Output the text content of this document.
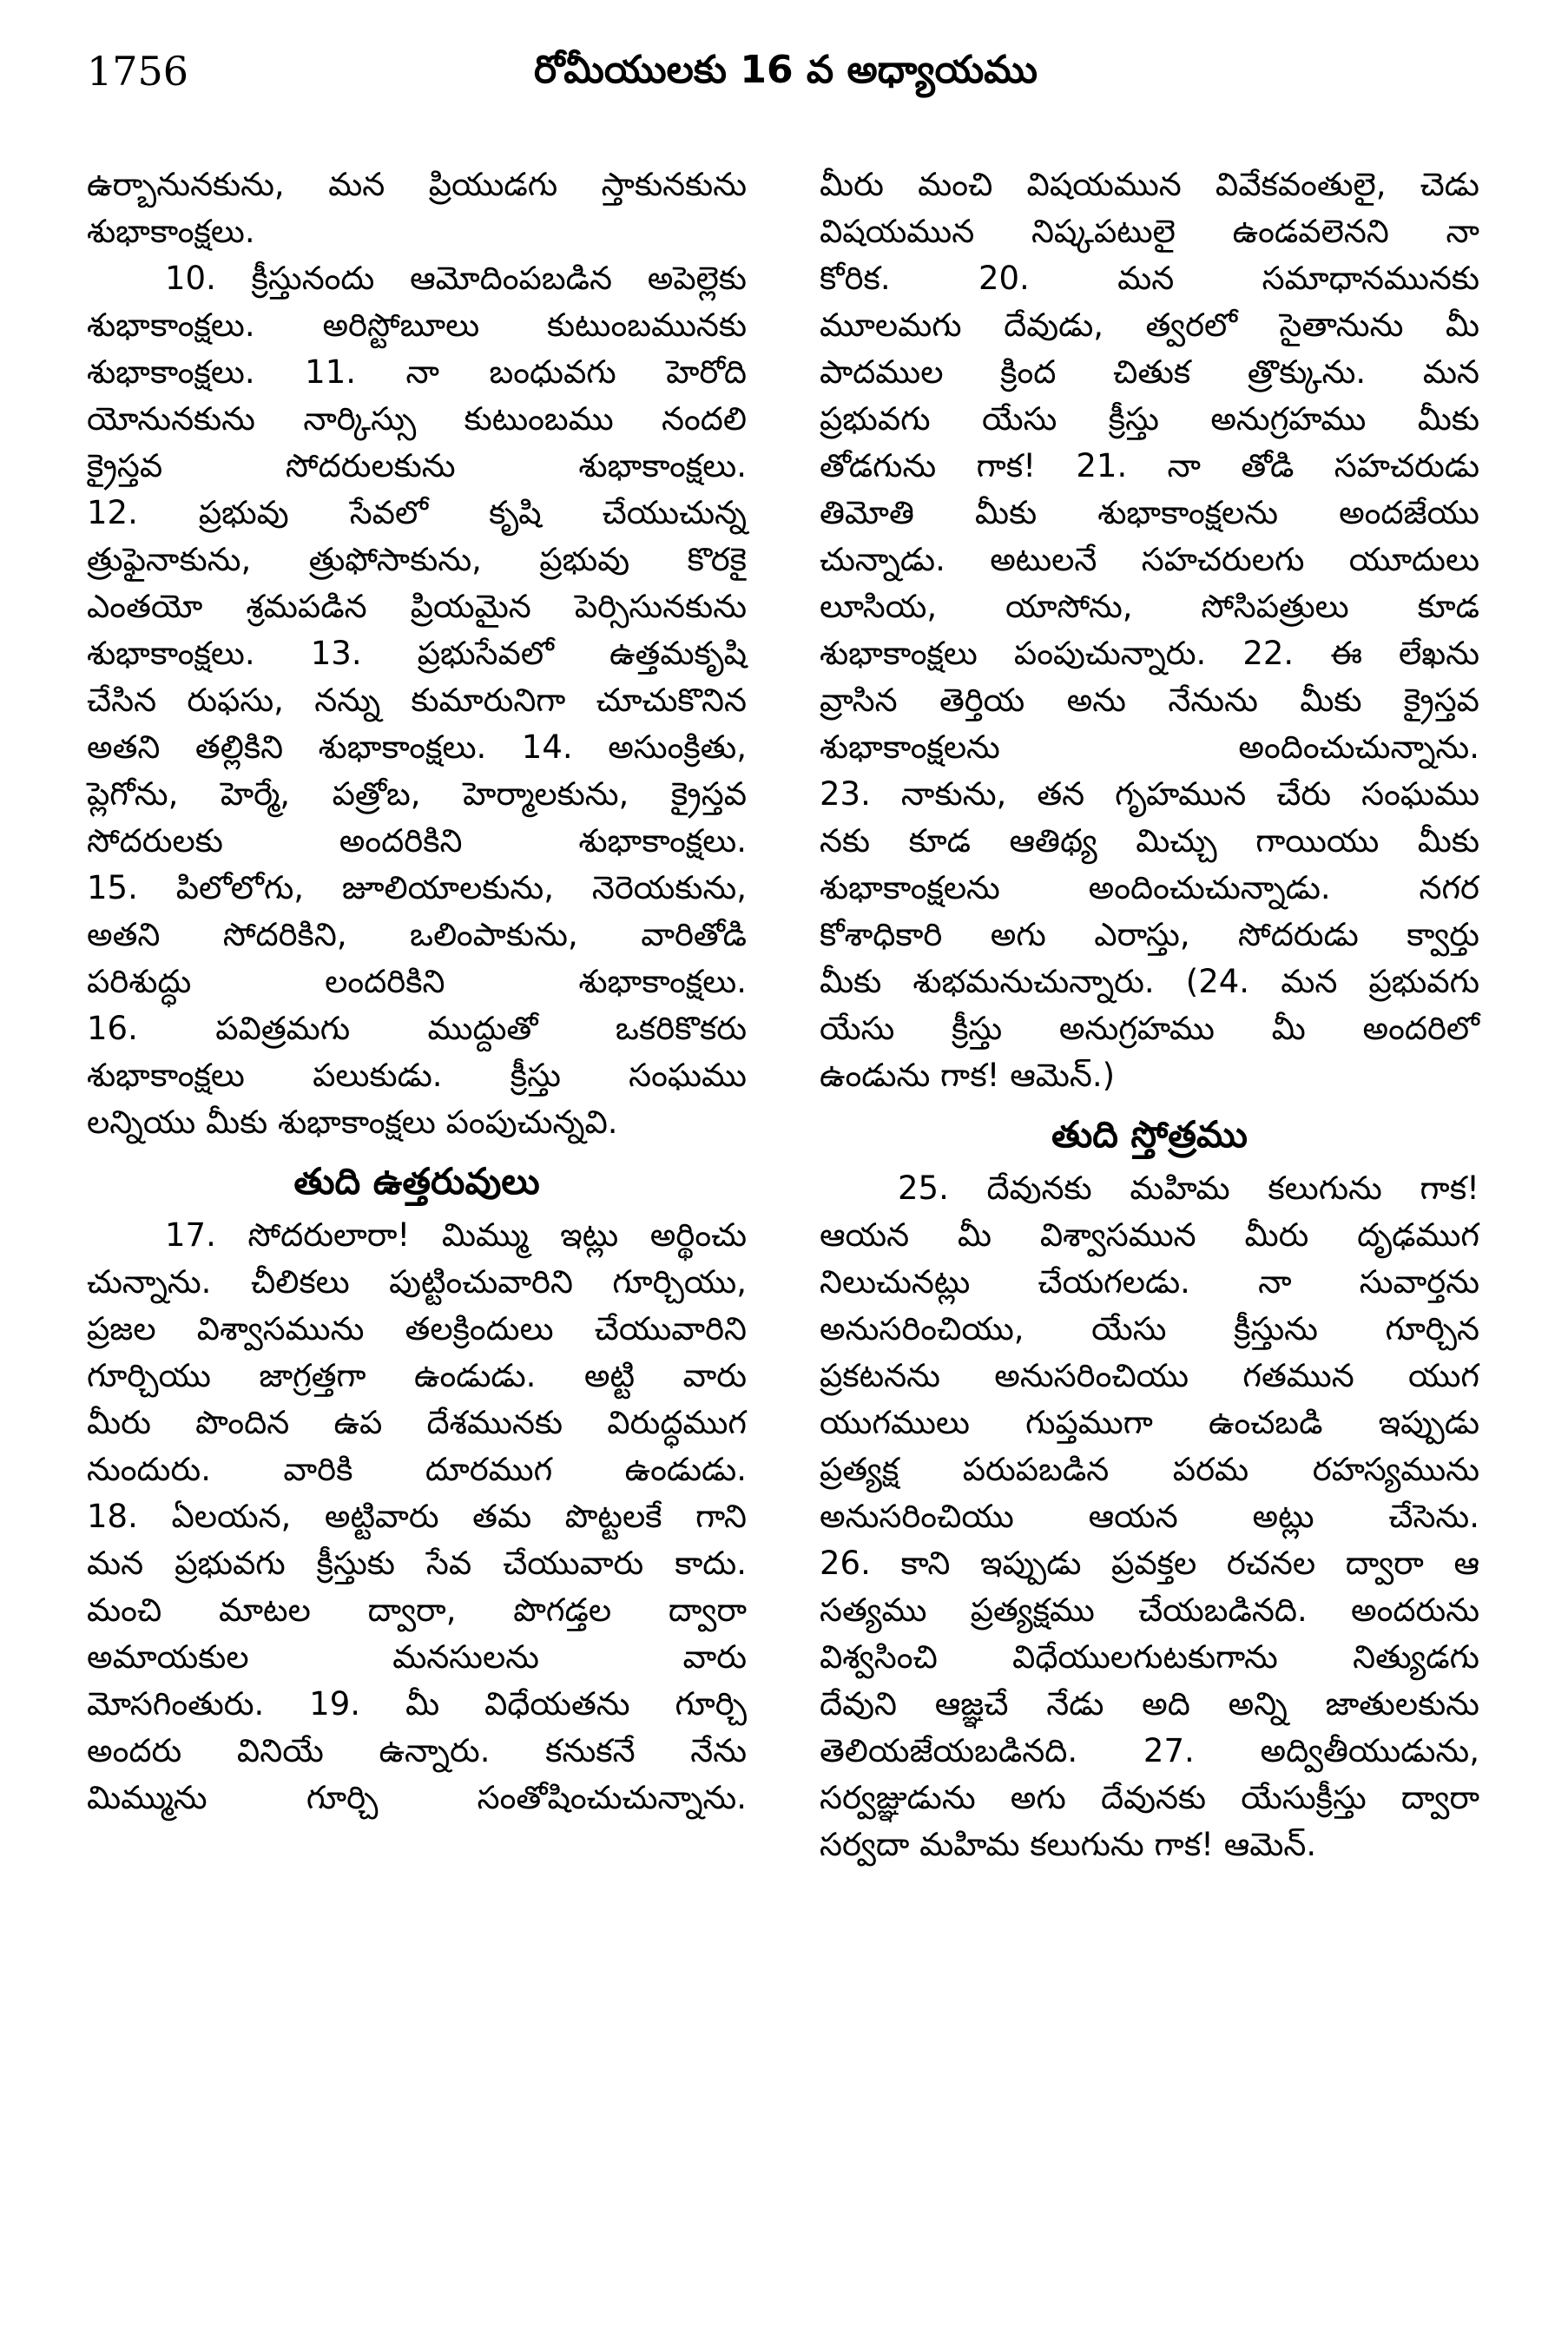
1756	రోమీయులకు 16 వ అధ్యాయము
ఉర్బానునకును, మన ప్రియుడగు స్తాకునకును
శుభాకాంక్షలు.
10. క్రీస్తునందు ఆమోదింపబడిన అపెల్లెకు
శుభాకాంక్షలు. అరిస్టోబూలు కుటుంబమునకు
శుభాకాంక్షలు. 11. నా బంధువగు హెరోది
యోనునకును నార్కిస్సు కుటుంబము నందలి
క్రైస్తవ సోదరులకును శుభాకాంక్షలు.
12. ప్రభువు సేవలో కృషి చేయుచున్న
త్రుఫైనాకును, త్రుఫోసాకును, ప్రభువు కొరకై
ఎంతయో శ్రమపడిన ప్రియమైన పెర్సిసునకును
శుభాకాంక్షలు. 13. ప్రభుసేవలో ఉత్తమకృషి
చేసిన రుఫసు, నన్ను కుమారునిగా చూచుకొనిన
అతని తల్లికిని శుభాకాంక్షలు. 14. అసుంక్రితు,
ప్లెగోను, హెర్మే, పత్రోబ, హెర్మాలకును, క్రైస్తవ
సోదరులకు అందరికిని శుభాకాంక్షలు.
15. పిలోలోగు, జూలియాలకును, నెరెయకును,
అతని సోదరికిని, ఒలింపాకును, వారితోడి
పరిశుద్ధు లందరికిని శుభాకాంక్షలు.
16. పవిత్రమగు ముద్దుతో ఒకరికొకరు
శుభాకాంక్షలు పలుకుడు. క్రీస్తు సంఘము
లన్నియు మీకు శుభాకాంక్షలు పంపుచున్నవి.
తుది ఉత్తరువులు
17. సోదరులారా! మిమ్ము ఇట్లు అర్థించు
చున్నాను. చీలికలు పుట్టించువారిని గూర్చియు,
ప్రజల విశ్వాసమును తలక్రిందులు చేయువారిని
గూర్చియు జాగ్రత్తగా ఉండుడు. అట్టి వారు
మీరు పొందిన ఉప దేశమునకు విరుద్ధముగ
నుందురు. వారికి దూరముగ ఉండుడు.
18. ఏలయన, అట్టివారు తమ పొట్టలకే గాని
మన ప్రభువగు క్రీస్తుకు సేవ చేయువారు కాదు.
మంచి మాటల ద్వారా, పొగడ్తల ద్వారా
అమాయకుల మనసులను వారు
మోసగింతురు. 19. మీ విధేయతను గూర్చి
అందరు వినియే ఉన్నారు. కనుకనే నేను
మిమ్మును గూర్చి సంతోషించుచున్నాను.
మీరు మంచి విషయమున వివేకవంతులై, చెడు
విషయమున నిష్కపటులై ఉండవలెనని నా
కోరిక. 20. మన సమాధానమునకు
మూలమగు దేవుడు, త్వరలో సైతానును మీ
పాదముల క్రింద చితుక త్రొక్కును. మన
ప్రభువగు యేసు క్రీస్తు అనుగ్రహము మీకు
తోడగును గాక! 21. నా తోడి సహచరుడు
తిమోతి మీకు శుభాకాంక్షలను అందజేయు
చున్నాడు. అటులనే సహచరులగు యూదులు
లూసియ, యాసోను, సోసిపత్రులు కూడ
శుభాకాంక్షలు పంపుచున్నారు. 22. ఈ లేఖను
వ్రాసిన తెర్తియ అను నేనును మీకు క్రైస్తవ
శుభాకాంక్షలను అందించుచున్నాను.
23. నాకును, తన గృహమున చేరు సంఘము
నకు కూడ ఆతిథ్య మిచ్చు గాయియు మీకు
శుభాకాంక్షలను అందించుచున్నాడు. నగర
కోశాధికారి అగు ఎరాస్తు, సోదరుడు క్వార్తు
మీకు శుభమనుచున్నారు. (24. మన ప్రభువగు
యేసు క్రీస్తు అనుగ్రహము మీ అందరిలో
ఉండును గాక! ఆమెన్.)
తుది స్తోత్రము
25. దేవునకు మహిమ కలుగును గాక!
ఆయన మీ విశ్వాసమున మీరు దృఢముగ
నిలుచునట్లు చేయగలడు. నా సువార్తను
అనుసరించియు, యేసు క్రీస్తును గూర్చిన
ప్రకటనను అనుసరించియు గతమున యుగ
యుగములు గుప్తముగా ఉంచబడి ఇప్పుడు
ప్రత్యక్ష పరుపబడిన పరమ రహస్యమును
అనుసరించియు ఆయన అట్లు చేసెను.
26. కాని ఇప్పుడు ప్రవక్తల రచనల ద్వారా ఆ
సత్యము ప్రత్యక్షము చేయబడినది. అందరును
విశ్వసించి విధేయులగుటకుగాను నిత్యుడగు
దేవుని ఆజ్ఞచే నేడు అది అన్ని జాతులకును
తెలియజేయబడినది. 27. అద్వితీయుడును,
సర్వజ్ఞుడును అగు దేవునకు యేసుక్రీస్తు ద్వారా
సర్వదా మహిమ కలుగును గాక! ఆమెన్.
